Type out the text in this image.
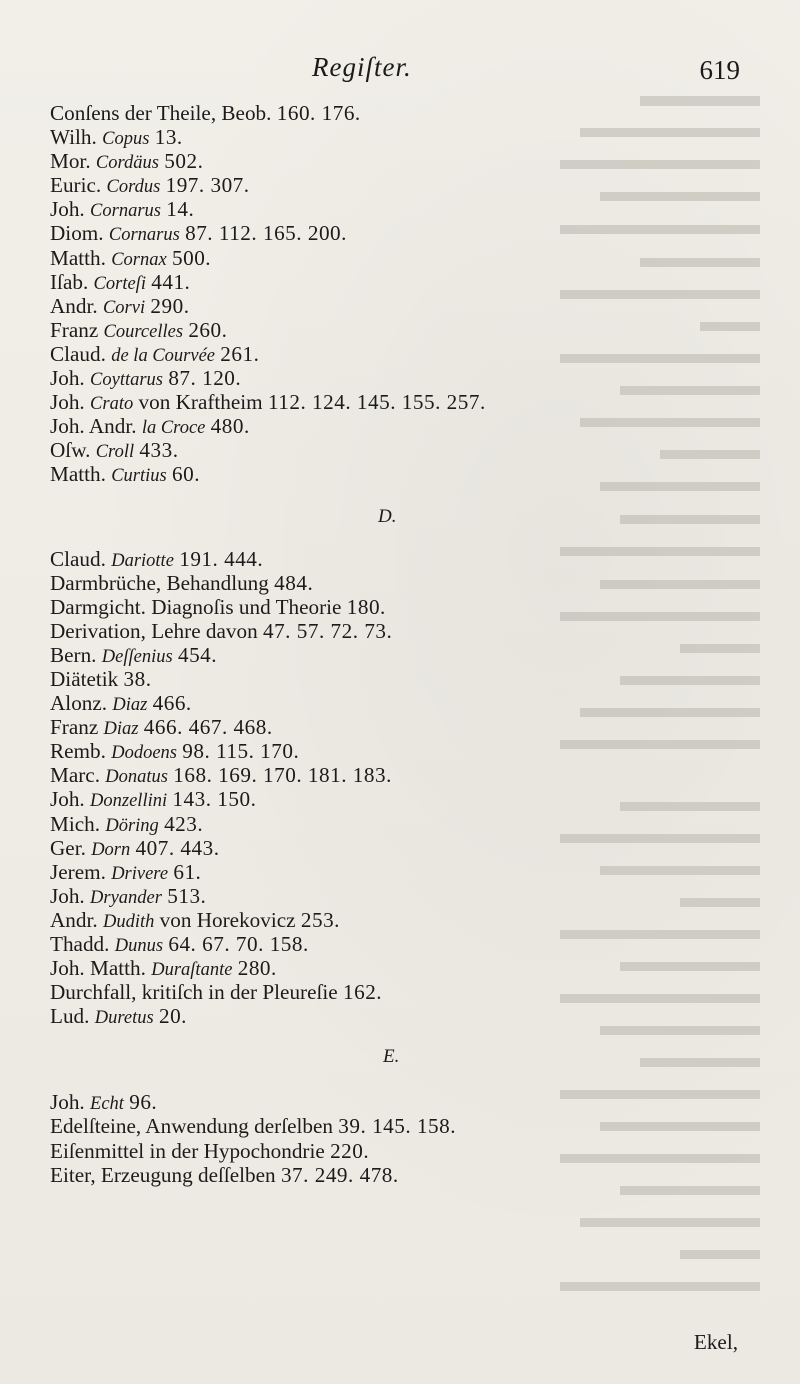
Regiſter.	619
Conſens der Theile, Beob. 160. 176.
Wilh. Copus 13.
Mor. Cordäus 502.
Euric. Cordus 197. 307.
Joh. Cornarus 14.
Diom. Cornarus 87. 112. 165. 200.
Matth. Cornax 500.
Iſab. Corteſi 441.
Andr. Corvi 290.
Franz Courcelles 260.
Claud. de la Courvée 261.
Joh. Coyttarus 87. 120.
Joh. Crato von Kraftheim 112. 124. 145. 155. 257.
Joh. Andr. la Croce 480.
Oſw. Croll 433.
Matth. Curtius 60.
D.
Claud. Dariotte 191. 444.
Darmbrüche, Behandlung 484.
Darmgicht. Diagnoſis und Theorie 180.
Derivation, Lehre davon 47. 57. 72. 73.
Bern. Deſſenius 454.
Diätetik 38.
Alonz. Diaz 466.
Franz Diaz 466. 467. 468.
Remb. Dodoens 98. 115. 170.
Marc. Donatus 168. 169. 170. 181. 183.
Joh. Donzellini 143. 150.
Mich. Döring 423.
Ger. Dorn 407. 443.
Jerem. Drivere 61.
Joh. Dryander 513.
Andr. Dudith von Horekovicz 253.
Thadd. Dunus 64. 67. 70. 158.
Joh. Matth. Duraſtante 280.
Durchfall, kritiſch in der Pleureſie 162.
Lud. Duretus 20.
E.
Joh. Echt 96.
Edelſteine, Anwendung derſelben 39. 145. 158.
Eiſenmittel in der Hypochondrie 220.
Eiter, Erzeugung deſſelben 37. 249. 478.
Ekel,
